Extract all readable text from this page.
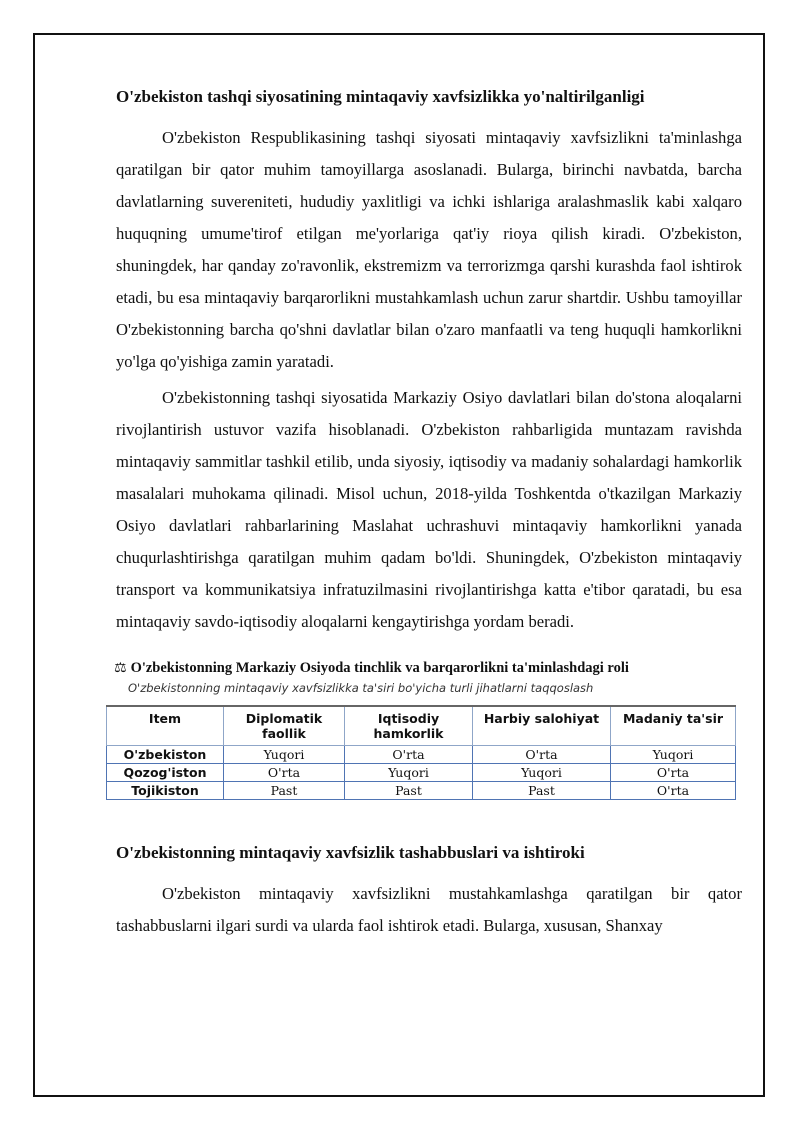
O'zbekiston tashqi siyosatining mintaqaviy xavfsizlikka yo'naltirilganligi

O'zbekiston Respublikasining tashqi siyosati mintaqaviy xavfsizlikni ta'minlashga qaratilgan bir qator muhim tamoyillarga asoslanadi. Bularga, birinchi navbatda, barcha davlatlarning suvereniteti, hududiy yaxlitligi va ichki ishlariga aralashmaslik kabi xalqaro huquqning umume'tirof etilgan me'yorlariga qat'iy rioya qilish kiradi. O'zbekiston, shuningdek, har qanday zo'ravonlik, ekstremizm va terrorizmga qarshi kurashda faol ishtirok etadi, bu esa mintaqaviy barqarorlikni mustahkamlash uchun zarur shartdir. Ushbu tamoyillar O'zbekistonning barcha qo'shni davlatlar bilan o'zaro manfaatli va teng huquqli hamkorlikni yo'lga qo'yishiga zamin yaratadi.

O'zbekistonning tashqi siyosatida Markaziy Osiyo davlatlari bilan do'stona aloqalarni rivojlantirish ustuvor vazifa hisoblanadi. O'zbekiston rahbarligida muntazam ravishda mintaqaviy sammitlar tashkil etilib, unda siyosiy, iqtisodiy va madaniy sohalardagi hamkorlik masalalari muhokama qilinadi. Misol uchun, 2018-yilda Toshkentda o'tkazilgan Markaziy Osiyo davlatlari rahbarlarining Maslahat uchrashuvi mintaqaviy hamkorlikni yanada chuqurlashtirishga qaratilgan muhim qadam bo'ldi. Shuningdek, O'zbekiston mintaqaviy transport va kommunikatsiya infratuzilmasini rivojlantirishga katta e'tibor qaratadi, bu esa mintaqaviy savdo-iqtisodiy aloqalarni kengaytirishga yordam beradi.

⚖ O'zbekistonning Markaziy Osiyoda tinchlik va barqarorlikni ta'minlashdagi roli
O'zbekistonning mintaqaviy xavfsizlikka ta'siri bo'yicha turli jihatlarni taqqoslash
Item	Diplomatik faollik	Iqtisodiy hamkorlik	Harbiy salohiyat	Madaniy ta'sir
O'zbekiston	Yuqori	O'rta	O'rta	Yuqori
Qozog'iston	O'rta	Yuqori	Yuqori	O'rta
Tojikiston	Past	Past	Past	O'rta
O'zbekistonning mintaqaviy xavfsizlik tashabbuslari va ishtiroki

O'zbekiston mintaqaviy xavfsizlikni mustahkamlashga qaratilgan bir qator tashabbuslarni ilgari surdi va ularda faol ishtirok etadi. Bularga, xususan, Shanxay
